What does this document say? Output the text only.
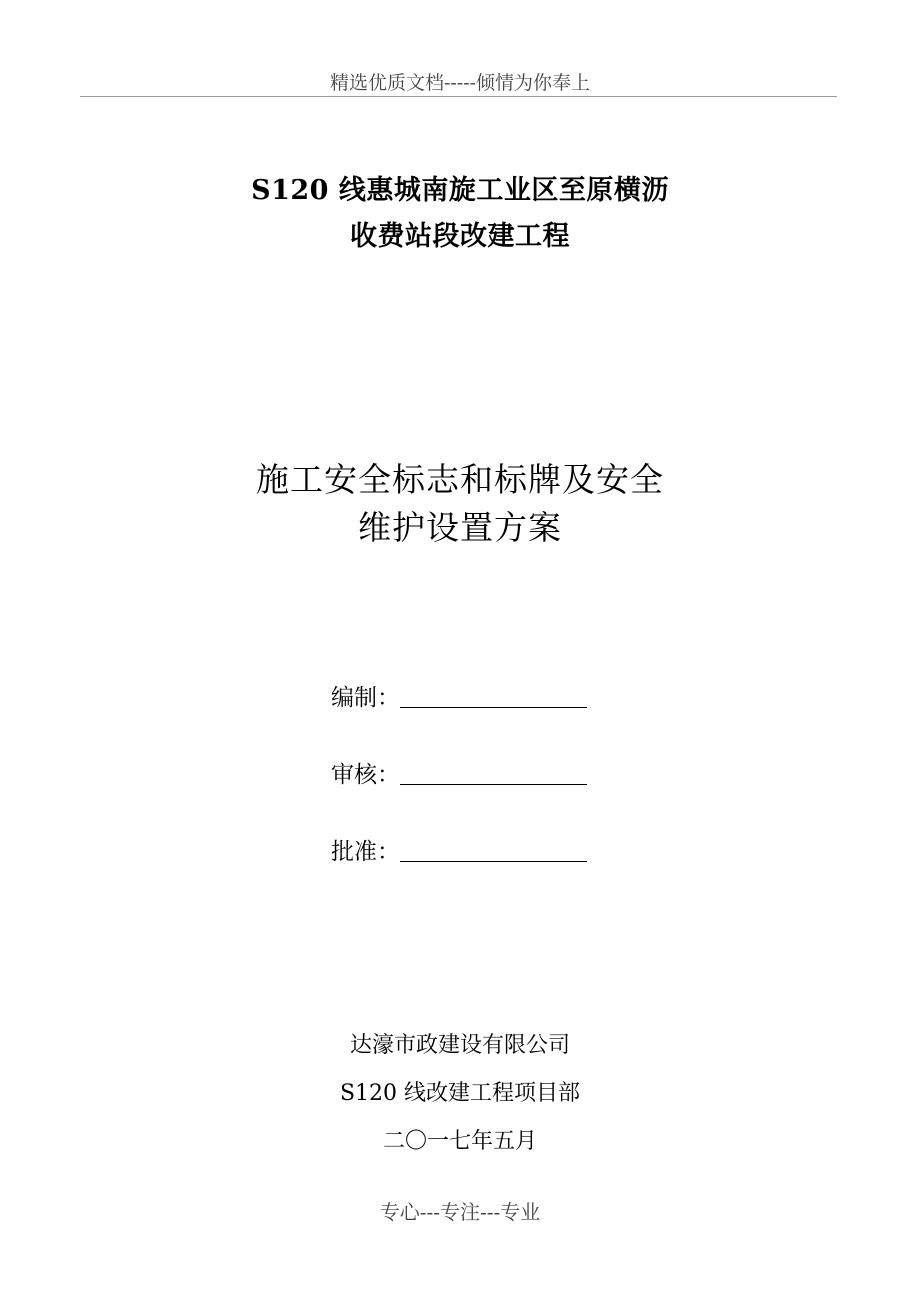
精选优质文档-----倾情为你奉上
S120 线惠城南旋工业区至原横沥
收费站段改建工程
施工安全标志和标牌及安全
维护设置方案
编制：
审核：
批准：
达濠市政建设有限公司
S120 线改建工程项目部
二〇一七年五月
专心---专注---专业
